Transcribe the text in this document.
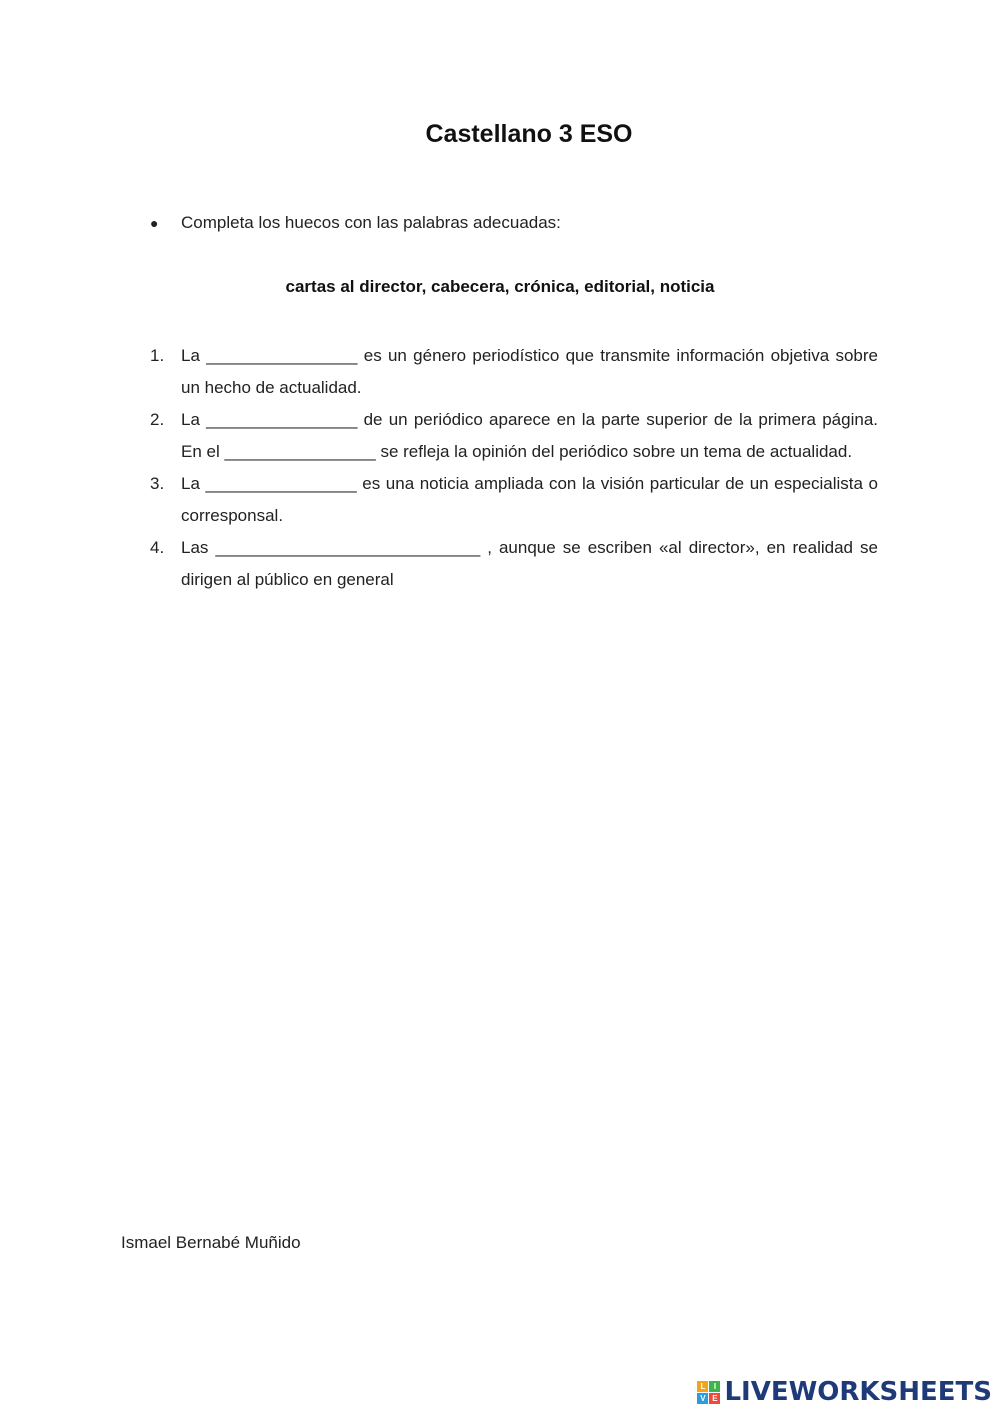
Castellano 3 ESO
●	Completa los huecos con las palabras adecuadas:
cartas al director, cabecera, crónica, editorial, noticia
1. La ________________ es un género periodístico que transmite información objetiva sobre un hecho de actualidad.
2. La ________________ de un periódico aparece en la parte superior de la primera página. En el ________________ se refleja la opinión del periódico sobre un tema de actualidad.
3. La ________________ es una noticia ampliada con la visión particular de un especialista o corresponsal.
4. Las ____________________________ , aunque se escriben «al director», en realidad se dirigen al público en general
Ismael Bernabé Muñido
L	I
V E LIVEWORKSHEETS
